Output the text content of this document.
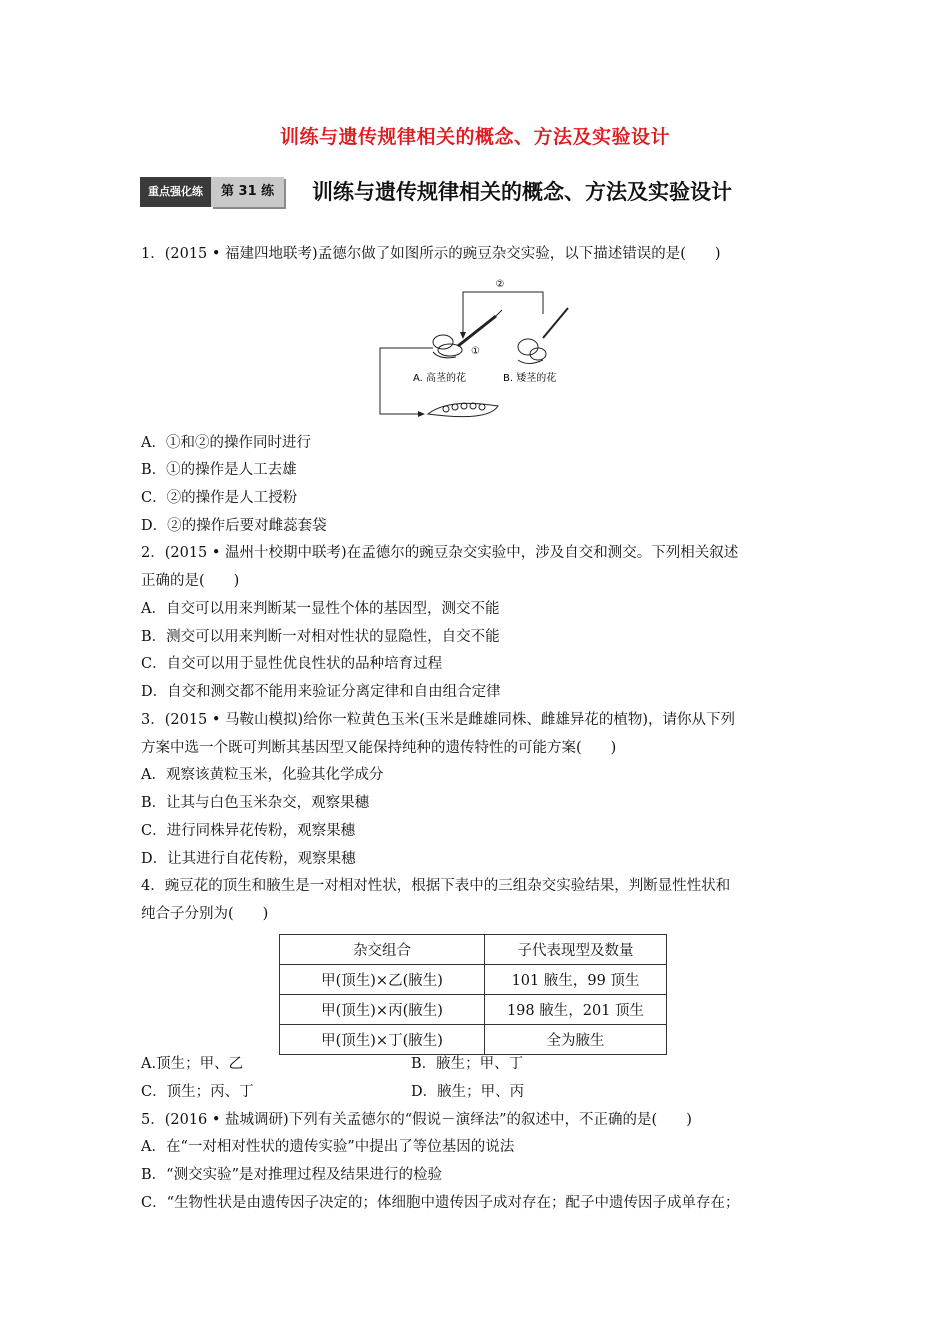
训练与遗传规律相关的概念、方法及实验设计
重点强化练	第 31 练	训练与遗传规律相关的概念、方法及实验设计
1．(2015 • 福建四地联考)孟德尔做了如图所示的豌豆杂交实验，以下描述错误的是(　　)
②
①
A. 高茎的花	B. 矮茎的花
A．①和②的操作同时进行
B．①的操作是人工去雄
C．②的操作是人工授粉
D．②的操作后要对雌蕊套袋
2．(2015 • 温州十校期中联考)在孟德尔的豌豆杂交实验中，涉及自交和测交。下列相关叙述
正确的是(　　)
A．自交可以用来判断某一显性个体的基因型，测交不能
B．测交可以用来判断一对相对性状的显隐性，自交不能
C．自交可以用于显性优良性状的品种培育过程
D．自交和测交都不能用来验证分离定律和自由组合定律
3．(2015 • 马鞍山模拟)给你一粒黄色玉米(玉米是雌雄同株、雌雄异花的植物)，请你从下列
方案中选一个既可判断其基因型又能保持纯种的遗传特性的可能方案(　　)
A．观察该黄粒玉米，化验其化学成分
B．让其与白色玉米杂交，观察果穗
C．进行同株异花传粉，观察果穗
D．让其进行自花传粉，观察果穗
4．豌豆花的顶生和腋生是一对相对性状，根据下表中的三组杂交实验结果，判断显性性状和
纯合子分别为(　　)
杂交组合	子代表现型及数量
甲(顶生)×乙(腋生)	101 腋生，99 顶生
甲(顶生)×丙(腋生)	198 腋生，201 顶生
甲(顶生)×丁(腋生)	全为腋生
A.顶生；甲、乙	B．腋生；甲、丁
C．顶生；丙、丁	D．腋生；甲、丙
5．(2016 • 盐城调研)下列有关孟德尔的“假说－演绎法”的叙述中，不正确的是(　　)
A．在“一对相对性状的遗传实验”中提出了等位基因的说法
B．“测交实验”是对推理过程及结果进行的检验
C．“生物性状是由遗传因子决定的；体细胞中遗传因子成对存在；配子中遗传因子成单存在；
